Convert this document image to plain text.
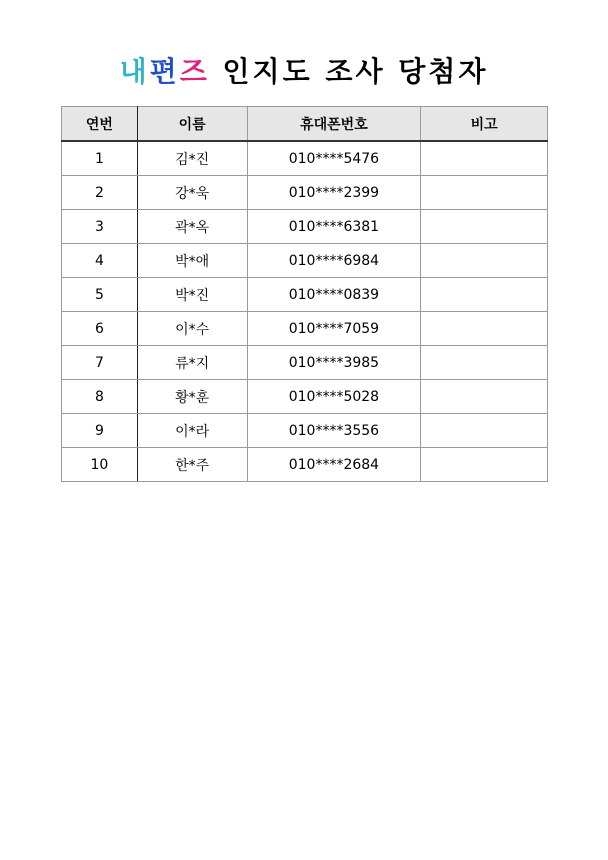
내편즈 인지도 조사 당첨자
연번	이름	휴대폰번호	비고
1	김*진	010****5476	
2	강*욱	010****2399	
3	곽*옥	010****6381	
4	박*애	010****6984	
5	박*진	010****0839	
6	이*수	010****7059	
7	류*지	010****3985	
8	황*훈	010****5028	
9	이*라	010****3556	
10	한*주	010****2684	
